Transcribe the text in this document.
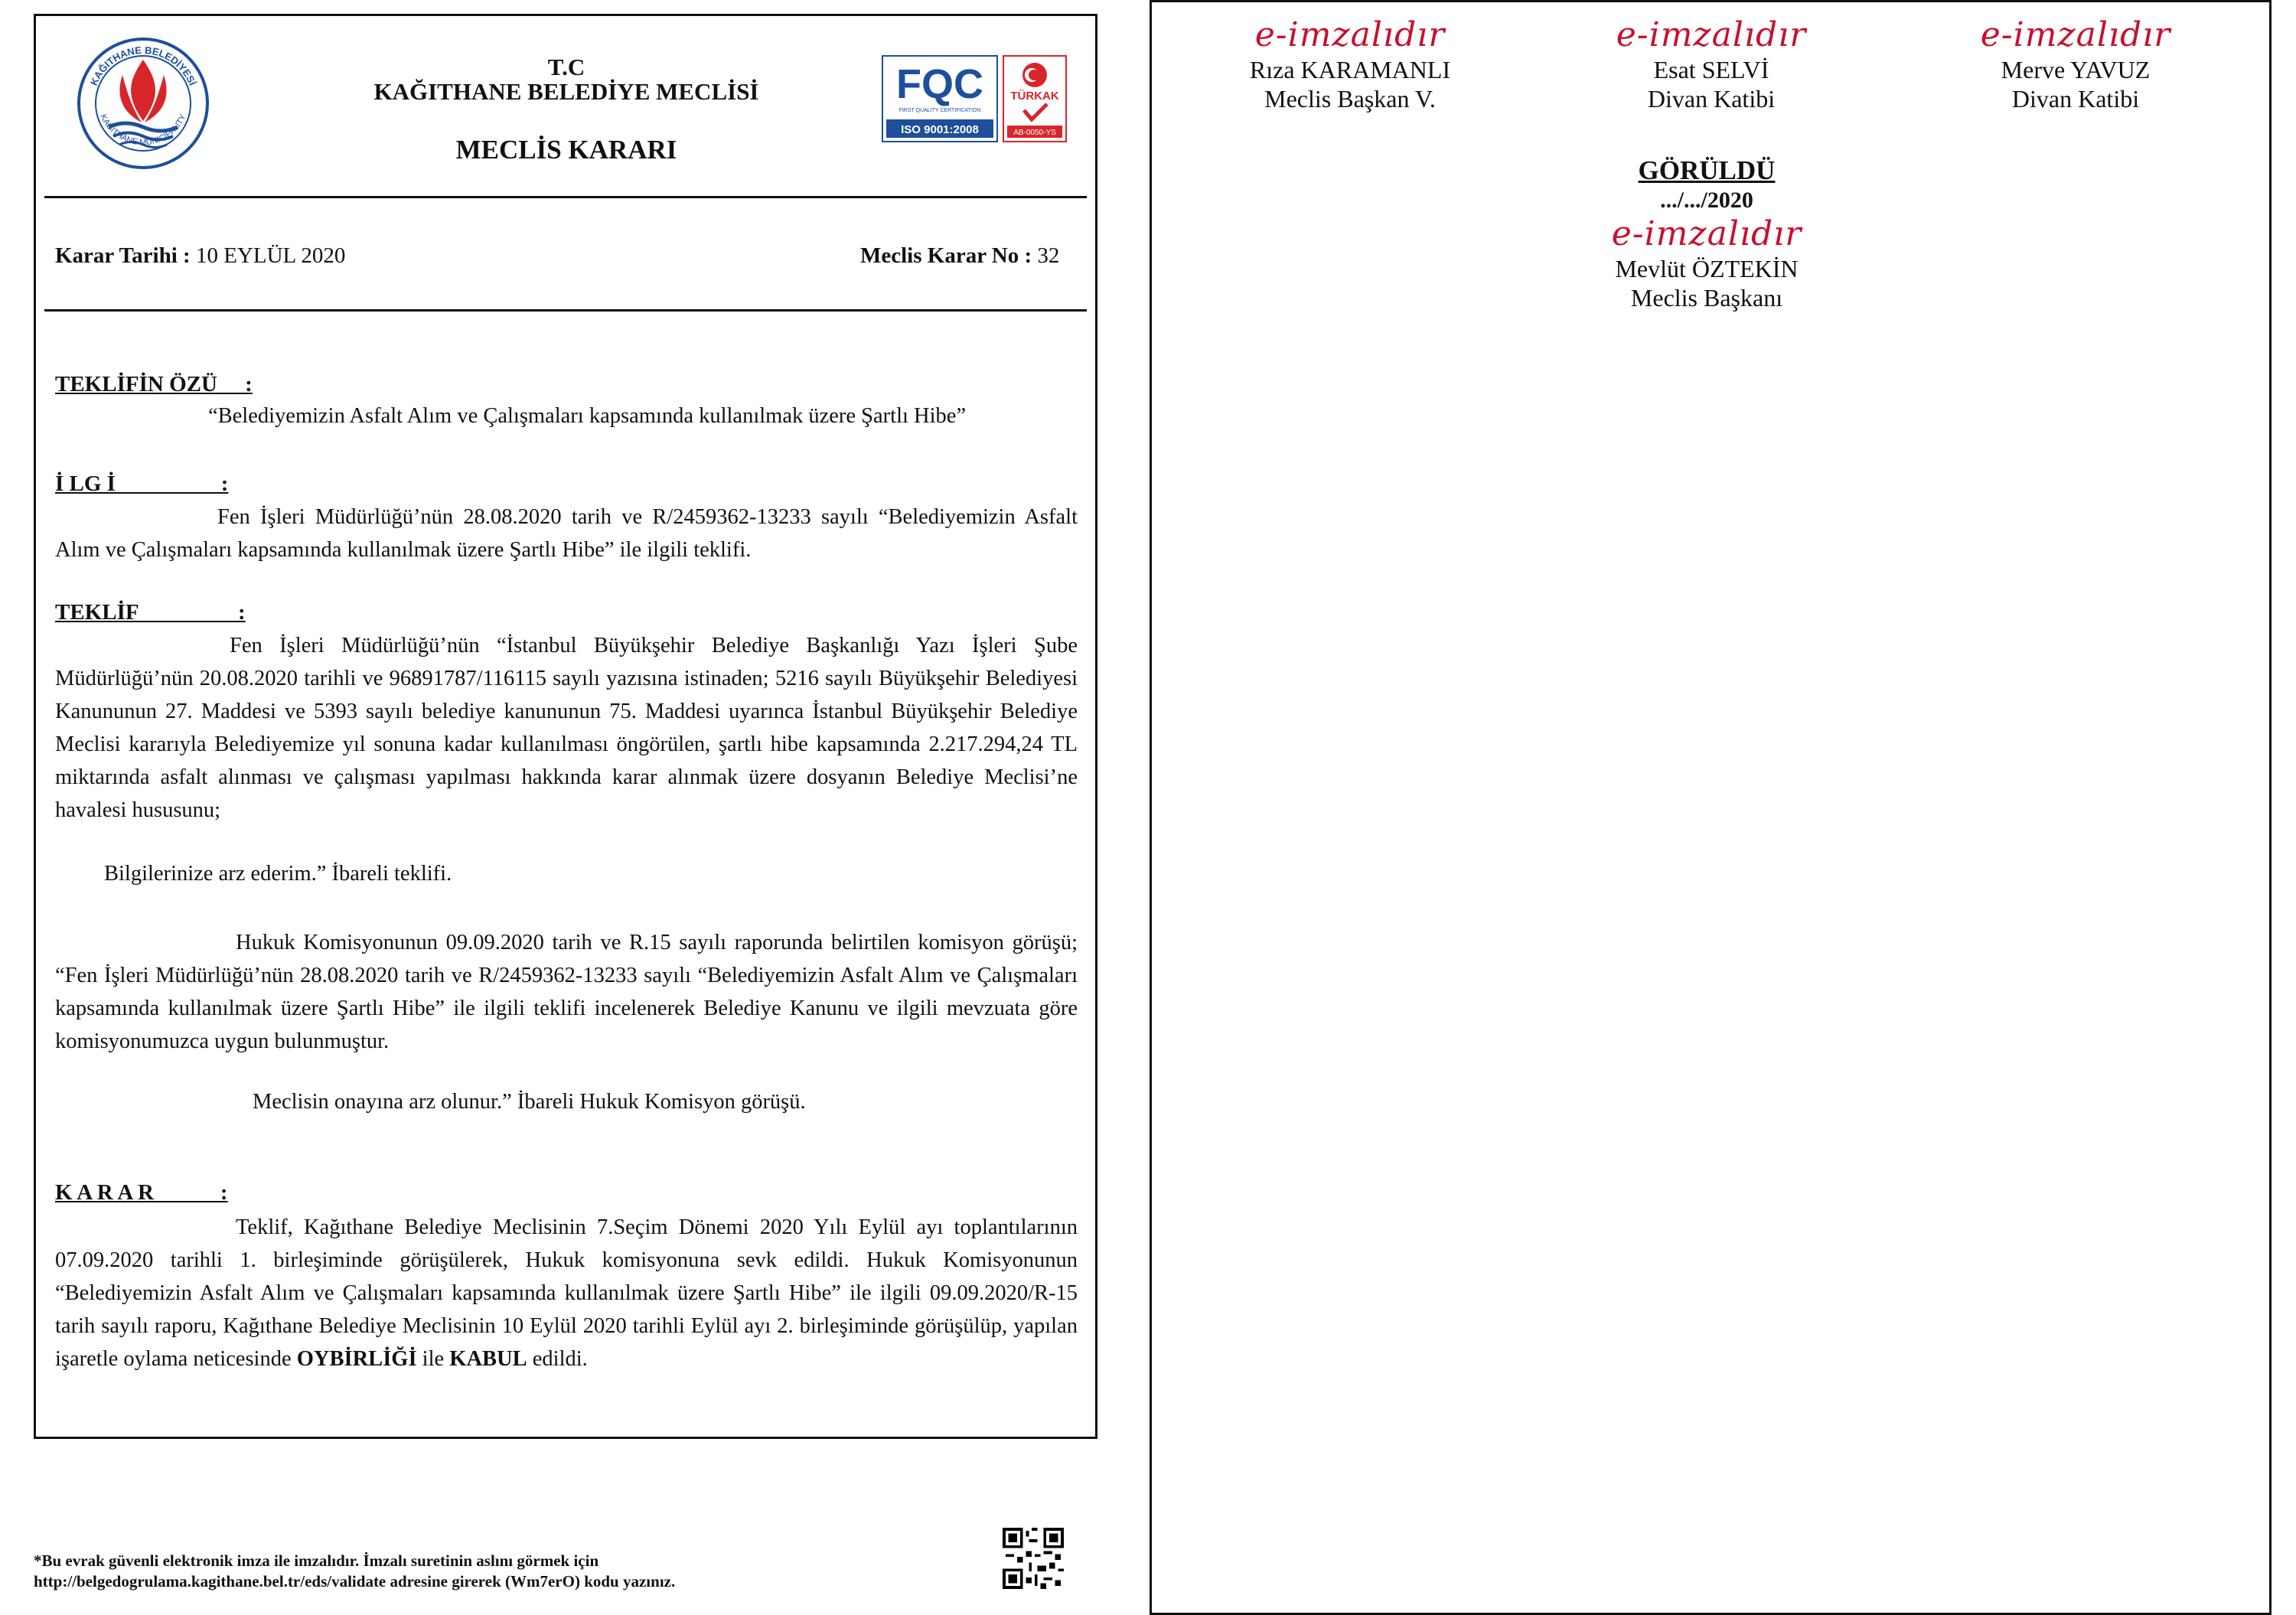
KAĞITHANE BELEDİYESİ
KAĞITHANE MUNICIPALITY
T.C
KAĞITHANE BELEDİYE MECLİSİ
MECLİS KARARI
FQC
FIRST QUALITY CERTIFICATION
ISO 9001:2008
TÜRKAK
AB-0050-YS
Karar Tarihi : 10 EYLÜL 2020	Meclis Karar No : 32
TEKLİFİN ÖZÜ     :
“Belediyemizin Asfalt Alım ve Çalışmaları kapsamında kullanılmak üzere Şartlı Hibe”
İ LG İ                   :
Fen İşleri Müdürlüğü’nün 28.08.2020 tarih ve R/2459362-13233 sayılı “Belediyemizin Asfalt Alım ve Çalışmaları kapsamında kullanılmak üzere Şartlı Hibe” ile ilgili teklifi.
TEKLİF                  :
Fen İşleri Müdürlüğü’nün “İstanbul Büyükşehir Belediye Başkanlığı Yazı İşleri Şube Müdürlüğü’nün 20.08.2020 tarihli ve 96891787/116115 sayılı yazısına istinaden; 5216 sayılı Büyükşehir Belediyesi Kanununun 27. Maddesi ve 5393 sayılı belediye kanununun 75. Maddesi uyarınca İstanbul Büyükşehir Belediye Meclisi kararıyla Belediyemize yıl sonuna kadar kullanılması öngörülen, şartlı hibe kapsamında 2.217.294,24 TL miktarında asfalt alınması ve çalışması yapılması hakkında karar alınmak üzere dosyanın Belediye Meclisi’ne havalesi hususunu;
Bilgilerinize arz ederim.” İbareli teklifi.
Hukuk Komisyonunun 09.09.2020 tarih ve R.15 sayılı raporunda belirtilen komisyon görüşü; “Fen İşleri Müdürlüğü’nün 28.08.2020 tarih ve R/2459362-13233 sayılı “Belediyemizin Asfalt Alım ve Çalışmaları kapsamında kullanılmak üzere Şartlı Hibe” ile ilgili teklifi incelenerek Belediye Kanunu ve ilgili mevzuata göre komisyonumuzca uygun bulunmuştur.
Meclisin onayına arz olunur.” İbareli Hukuk Komisyon görüşü.
K A R A R            :
Teklif, Kağıthane Belediye Meclisinin 7.Seçim Dönemi 2020 Yılı Eylül ayı toplantılarının 07.09.2020 tarihli 1. birleşiminde görüşülerek, Hukuk komisyonuna sevk edildi. Hukuk Komisyonunun “Belediyemizin Asfalt Alım ve Çalışmaları kapsamında kullanılmak üzere Şartlı Hibe” ile ilgili 09.09.2020/R-15 tarih sayılı raporu, Kağıthane Belediye Meclisinin 10 Eylül 2020 tarihli Eylül ayı 2. birleşiminde görüşülüp, yapılan işaretle oylama neticesinde OYBİRLİĞİ ile KABUL edildi.
*Bu evrak güvenli elektronik imza ile imzalıdır. İmzalı suretinin aslını görmek için
http://belgedogrulama.kagithane.bel.tr/eds/validate adresine girerek (Wm7erO) kodu yazınız.
e-imzalıdır
Rıza KARAMANLI
Meclis Başkan V.
e-imzalıdır
Esat SELVİ
Divan Katibi
e-imzalıdır
Merve YAVUZ
Divan Katibi
GÖRÜLDÜ
.../.../2020
e-imzalıdır
Mevlüt ÖZTEKİN
Meclis Başkanı
